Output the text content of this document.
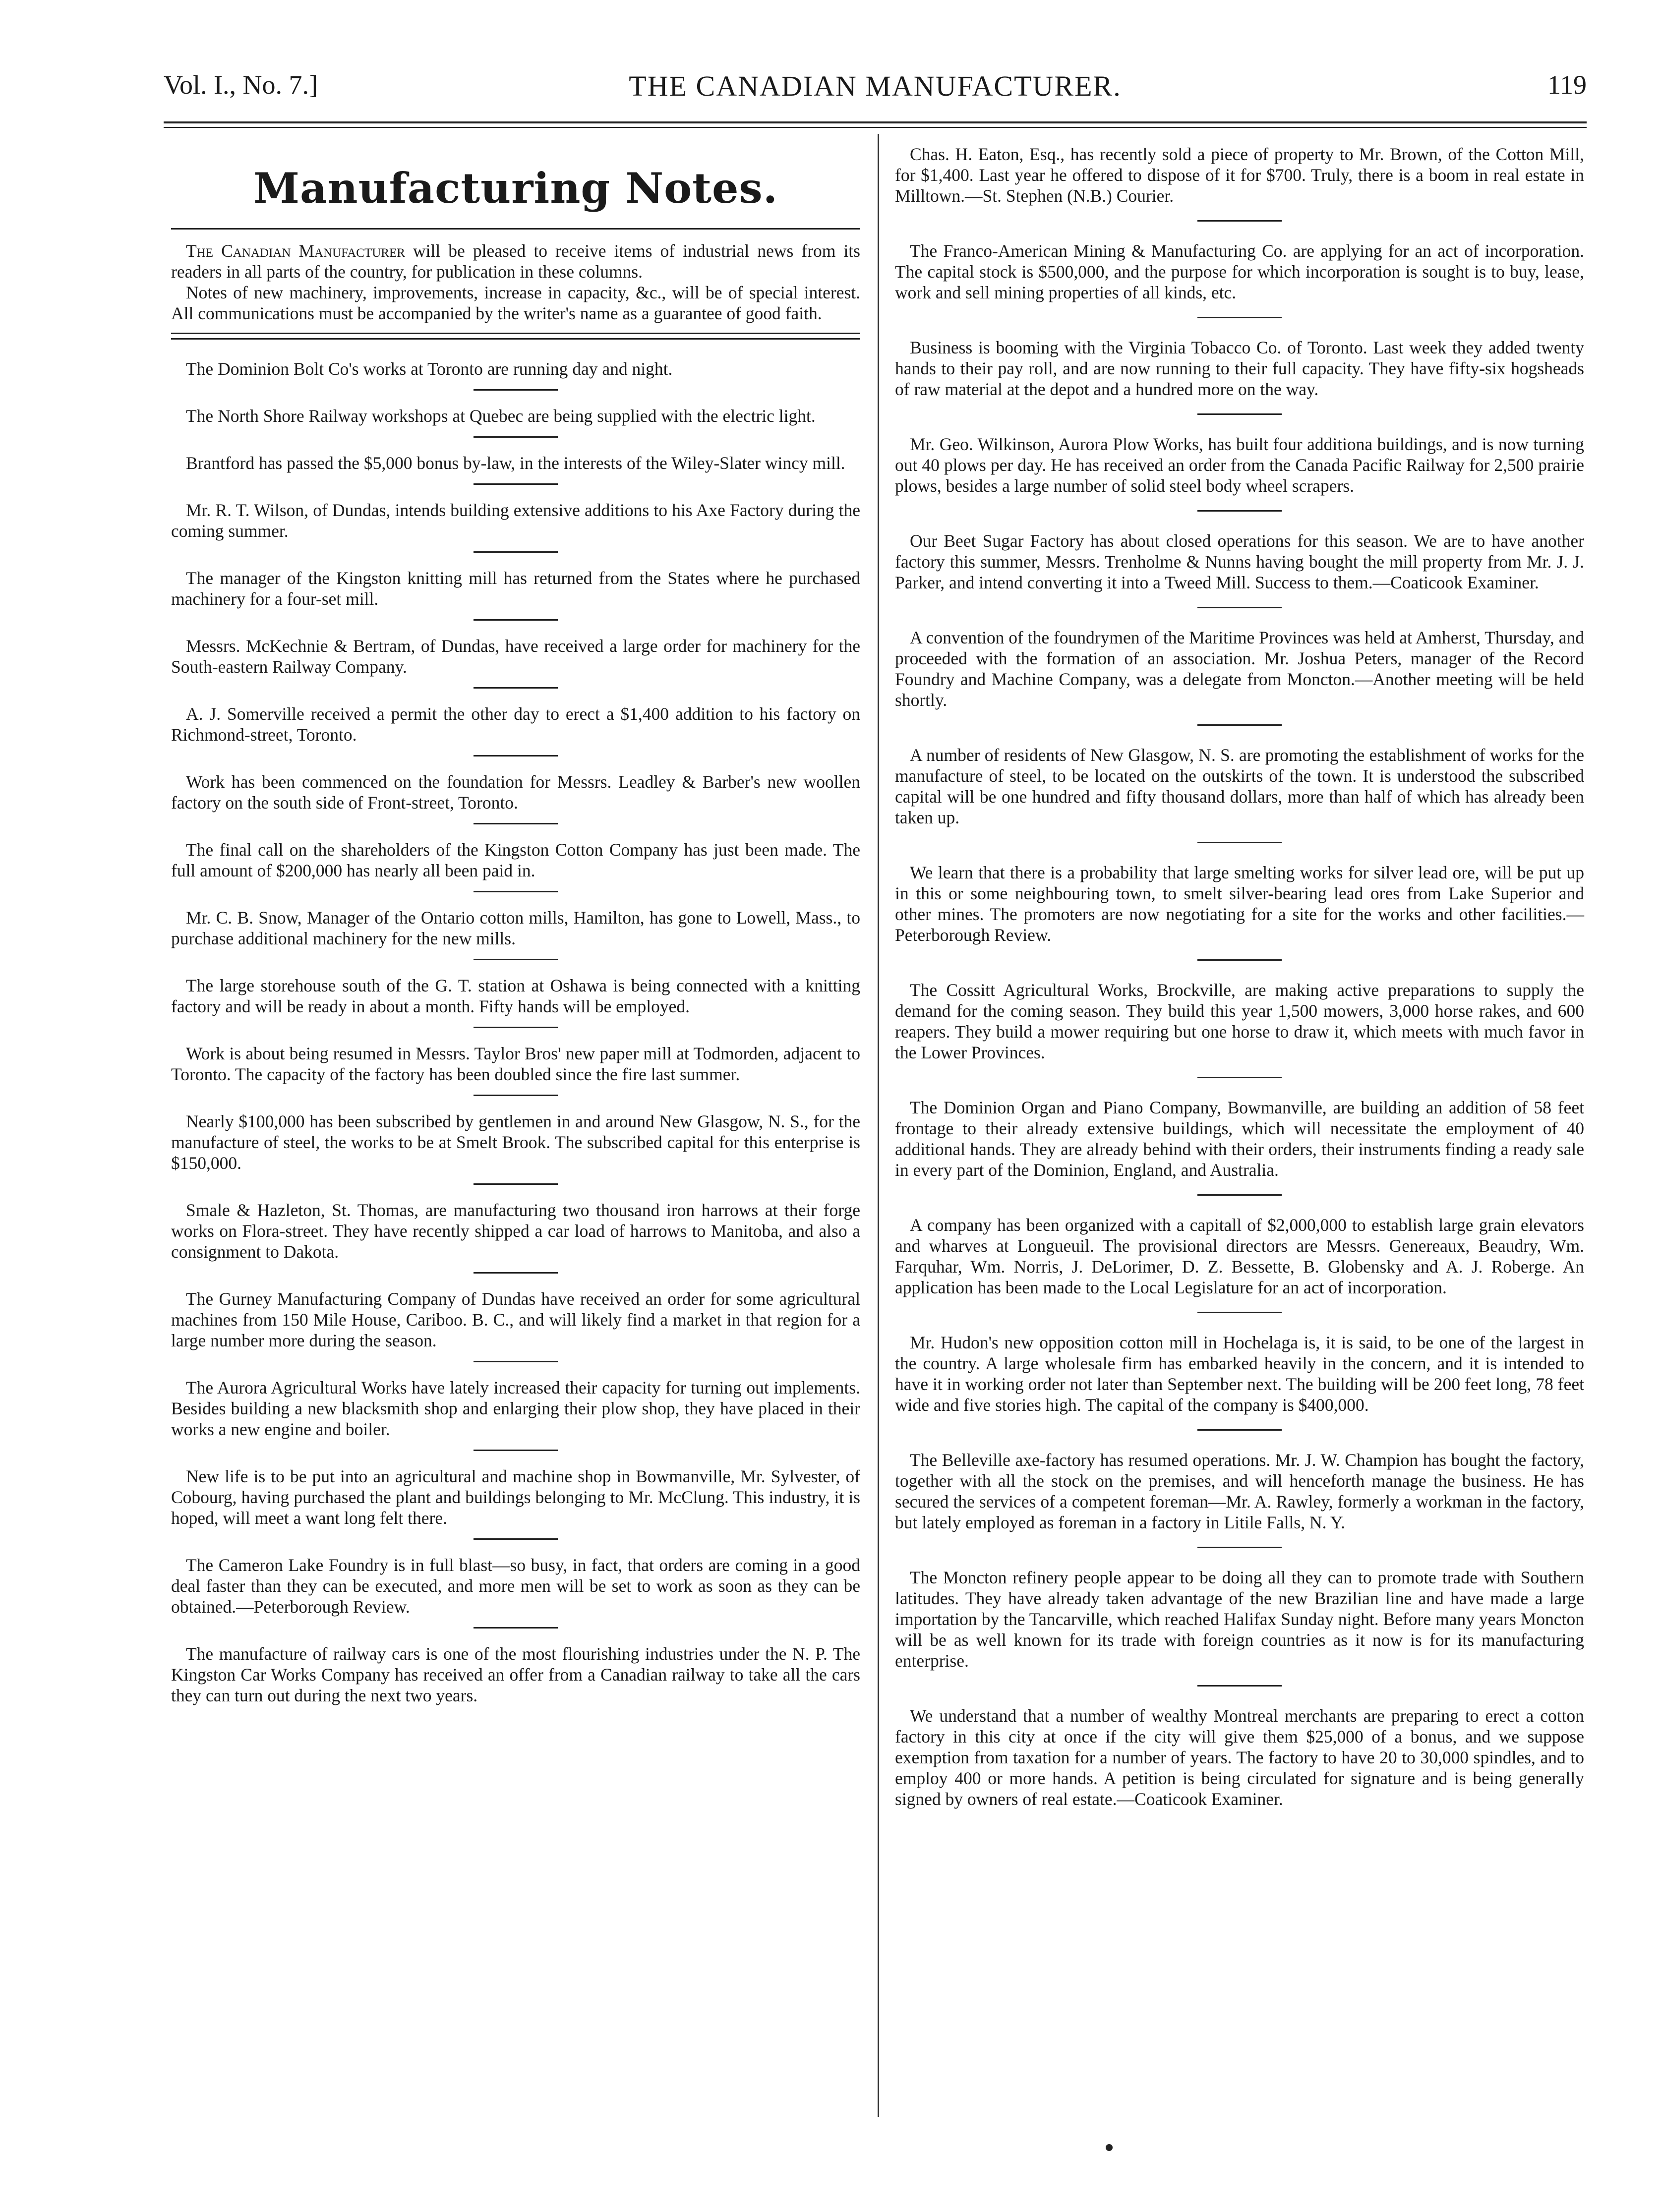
Vol. I., No. 7.]	THE CANADIAN MANUFACTURER.	119
Manufacturing Notes.

The Canadian Manufacturer will be pleased to receive items of industrial news from its readers in all parts of the country, for publication in these columns.

Notes of new machinery, improvements, increase in capacity, &c., will be of special interest. All communications must be accompanied by the writer's name as a guarantee of good faith.

The Dominion Bolt Co's works at Toronto are running day and night.

The North Shore Railway workshops at Quebec are being supplied with the electric light.

Brantford has passed the $5,000 bonus by-law, in the interests of the Wiley-Slater wincy mill.

Mr. R. T. Wilson, of Dundas, intends building extensive additions to his Axe Factory during the coming summer.

The manager of the Kingston knitting mill has returned from the States where he purchased machinery for a four-set mill.

Messrs. McKechnie & Bertram, of Dundas, have received a large order for machinery for the South-eastern Railway Company.

A. J. Somerville received a permit the other day to erect a $1,400 addition to his factory on Richmond-street, Toronto.

Work has been commenced on the foundation for Messrs. Leadley & Barber's new woollen factory on the south side of Front-street, Toronto.

The final call on the shareholders of the Kingston Cotton Company has just been made. The full amount of $200,000 has nearly all been paid in.

Mr. C. B. Snow, Manager of the Ontario cotton mills, Hamilton, has gone to Lowell, Mass., to purchase additional machinery for the new mills.

The large storehouse south of the G. T. station at Oshawa is being connected with a knitting factory and will be ready in about a month. Fifty hands will be employed.

Work is about being resumed in Messrs. Taylor Bros' new paper mill at Todmorden, adjacent to Toronto. The capacity of the factory has been doubled since the fire last summer.

Nearly $100,000 has been subscribed by gentlemen in and around New Glasgow, N. S., for the manufacture of steel, the works to be at Smelt Brook. The subscribed capital for this enterprise is $150,000.

Smale & Hazleton, St. Thomas, are manufacturing two thousand iron harrows at their forge works on Flora-street. They have recently shipped a car load of harrows to Manitoba, and also a consignment to Dakota.

The Gurney Manufacturing Company of Dundas have received an order for some agricultural machines from 150 Mile House, Cariboo. B. C., and will likely find a market in that region for a large number more during the season.

The Aurora Agricultural Works have lately increased their capacity for turning out implements. Besides building a new blacksmith shop and enlarging their plow shop, they have placed in their works a new engine and boiler.

New life is to be put into an agricultural and machine shop in Bowmanville, Mr. Sylvester, of Cobourg, having purchased the plant and buildings belonging to Mr. McClung. This industry, it is hoped, will meet a want long felt there.

The Cameron Lake Foundry is in full blast—so busy, in fact, that orders are coming in a good deal faster than they can be executed, and more men will be set to work as soon as they can be obtained.—Peterborough Review.

The manufacture of railway cars is one of the most flourishing industries under the N. P. The Kingston Car Works Company has received an offer from a Canadian railway to take all the cars they can turn out during the next two years.

Chas. H. Eaton, Esq., has recently sold a piece of property to Mr. Brown, of the Cotton Mill, for $1,400. Last year he offered to dispose of it for $700. Truly, there is a boom in real estate in Milltown.—St. Stephen (N.B.) Courier.

The Franco-American Mining & Manufacturing Co. are applying for an act of incorporation. The capital stock is $500,000, and the purpose for which incorporation is sought is to buy, lease, work and sell mining properties of all kinds, etc.

Business is booming with the Virginia Tobacco Co. of Toronto. Last week they added twenty hands to their pay roll, and are now running to their full capacity. They have fifty-six hogsheads of raw material at the depot and a hundred more on the way.

Mr. Geo. Wilkinson, Aurora Plow Works, has built four additiona buildings, and is now turning out 40 plows per day. He has received an order from the Canada Pacific Railway for 2,500 prairie plows, besides a large number of solid steel body wheel scrapers.

Our Beet Sugar Factory has about closed operations for this season. We are to have another factory this summer, Messrs. Trenholme & Nunns having bought the mill property from Mr. J. J. Parker, and intend converting it into a Tweed Mill. Success to them.—Coaticook Examiner.

A convention of the foundrymen of the Maritime Provinces was held at Amherst, Thursday, and proceeded with the formation of an association. Mr. Joshua Peters, manager of the Record Foundry and Machine Company, was a delegate from Moncton.—Another meeting will be held shortly.

A number of residents of New Glasgow, N. S. are promoting the establishment of works for the manufacture of steel, to be located on the outskirts of the town. It is understood the subscribed capital will be one hundred and fifty thousand dollars, more than half of which has already been taken up.

We learn that there is a probability that large smelting works for silver lead ore, will be put up in this or some neighbouring town, to smelt silver-bearing lead ores from Lake Superior and other mines. The promoters are now negotiating for a site for the works and other facilities.—Peterborough Review.

The Cossitt Agricultural Works, Brockville, are making active preparations to supply the demand for the coming season. They build this year 1,500 mowers, 3,000 horse rakes, and 600 reapers. They build a mower requiring but one horse to draw it, which meets with much favor in the Lower Provinces.

The Dominion Organ and Piano Company, Bowmanville, are building an addition of 58 feet frontage to their already extensive buildings, which will necessitate the employment of 40 additional hands. They are already behind with their orders, their instruments finding a ready sale in every part of the Dominion, England, and Australia.

A company has been organized with a capitall of $2,000,000 to establish large grain elevators and wharves at Longueuil. The provisional directors are Messrs. Genereaux, Beaudry, Wm. Farquhar, Wm. Norris, J. DeLorimer, D. Z. Bessette, B. Globensky and A. J. Roberge. An application has been made to the Local Legislature for an act of incorporation.

Mr. Hudon's new opposition cotton mill in Hochelaga is, it is said, to be one of the largest in the country. A large wholesale firm has embarked heavily in the concern, and it is intended to have it in working order not later than September next. The building will be 200 feet long, 78 feet wide and five stories high. The capital of the company is $400,000.

The Belleville axe-factory has resumed operations. Mr. J. W. Champion has bought the factory, together with all the stock on the premises, and will henceforth manage the business. He has secured the services of a competent foreman—Mr. A. Rawley, formerly a workman in the factory, but lately employed as foreman in a factory in Litile Falls, N. Y.

The Moncton refinery people appear to be doing all they can to promote trade with Southern latitudes. They have already taken advantage of the new Brazilian line and have made a large importation by the Tancarville, which reached Halifax Sunday night. Before many years Moncton will be as well known for its trade with foreign countries as it now is for its manufacturing enterprise.

We understand that a number of wealthy Montreal merchants are preparing to erect a cotton factory in this city at once if the city will give them $25,000 of a bonus, and we suppose exemption from taxation for a number of years. The factory to have 20 to 30,000 spindles, and to employ 400 or more hands. A petition is being circulated for signature and is being generally signed by owners of real estate.—Coaticook Examiner.
